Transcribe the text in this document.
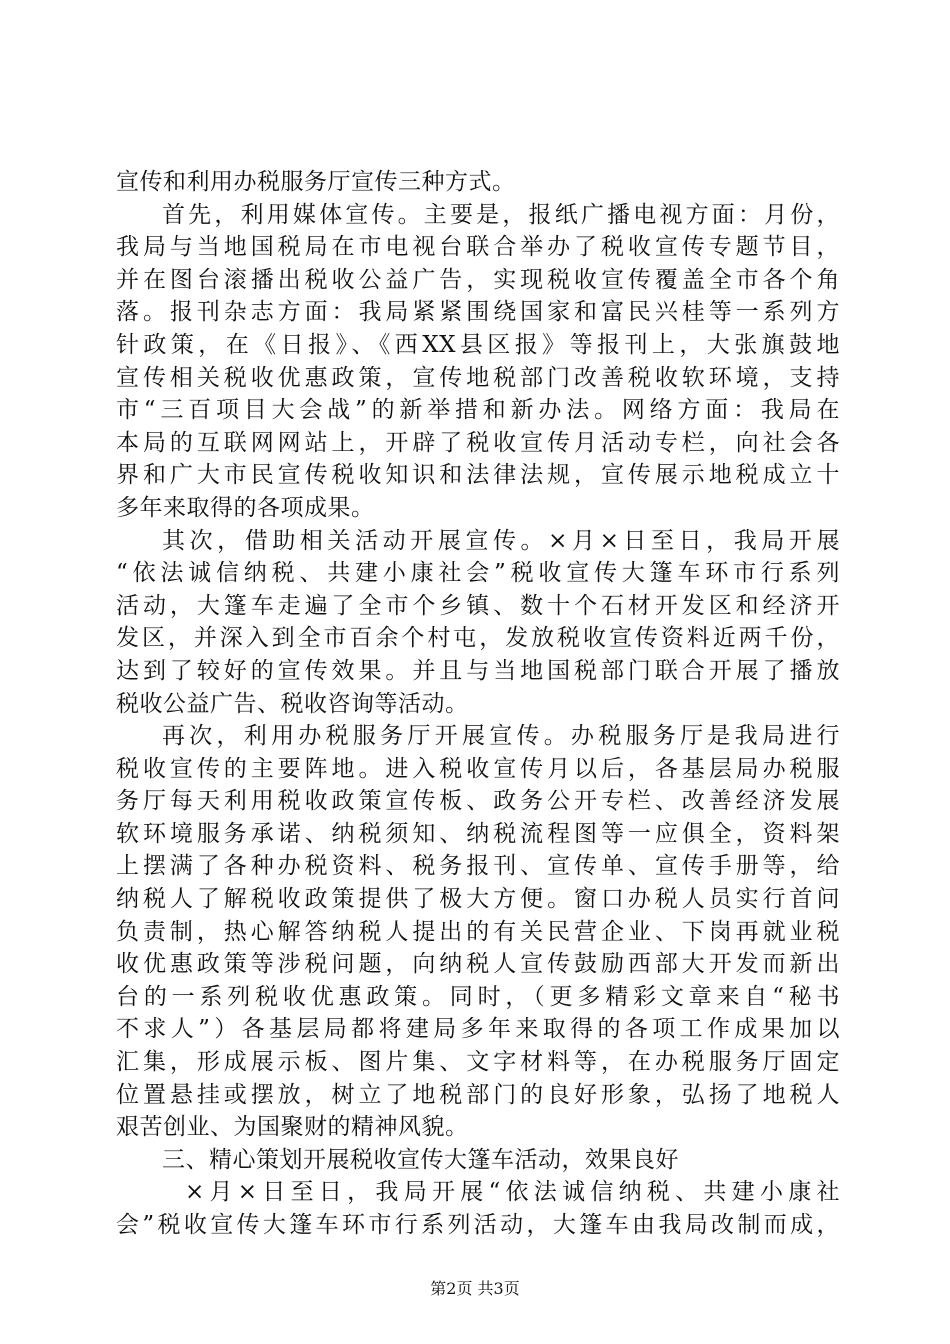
宣传和利用办税服务厅宣传三种方式。
首先，利用媒体宣传。主要是，报纸广播电视方面：月份，
我局与当地国税局在市电视台联合举办了税收宣传专题节目，
并在图台滚播出税收公益广告，实现税收宣传覆盖全市各个角
落。报刊杂志方面：我局紧紧围绕国家和富民兴桂等一系列方
针政策，在《日报》、《西XX县区报》等报刊上，大张旗鼓地
宣传相关税收优惠政策，宣传地税部门改善税收软环境，支持
市“三百项目大会战”的新举措和新办法。网络方面：我局在
本局的互联网网站上，开辟了税收宣传月活动专栏，向社会各
界和广大市民宣传税收知识和法律法规，宣传展示地税成立十
多年来取得的各项成果。
其次，借助相关活动开展宣传。×月×日至日，我局开展
“依法诚信纳税、共建小康社会”税收宣传大篷车环市行系列
活动，大篷车走遍了全市个乡镇、数十个石材开发区和经济开
发区，并深入到全市百余个村屯，发放税收宣传资料近两千份，
达到了较好的宣传效果。并且与当地国税部门联合开展了播放
税收公益广告、税收咨询等活动。
再次，利用办税服务厅开展宣传。办税服务厅是我局进行
税收宣传的主要阵地。进入税收宣传月以后，各基层局办税服
务厅每天利用税收政策宣传板、政务公开专栏、改善经济发展
软环境服务承诺、纳税须知、纳税流程图等一应俱全，资料架
上摆满了各种办税资料、税务报刊、宣传单、宣传手册等，给
纳税人了解税收政策提供了极大方便。窗口办税人员实行首问
负责制，热心解答纳税人提出的有关民营企业、下岗再就业税
收优惠政策等涉税问题，向纳税人宣传鼓励西部大开发而新出
台的一系列税收优惠政策。同时，（更多精彩文章来自“秘书
不求人”）各基层局都将建局多年来取得的各项工作成果加以
汇集，形成展示板、图片集、文字材料等，在办税服务厅固定
位置悬挂或摆放，树立了地税部门的良好形象，弘扬了地税人
艰苦创业、为国聚财的精神风貌。
三、精心策划开展税收宣传大篷车活动，效果良好
×月×日至日，我局开展“依法诚信纳税、共建小康社
会”税收宣传大篷车环市行系列活动，大篷车由我局改制而成，
第2页 共3页
